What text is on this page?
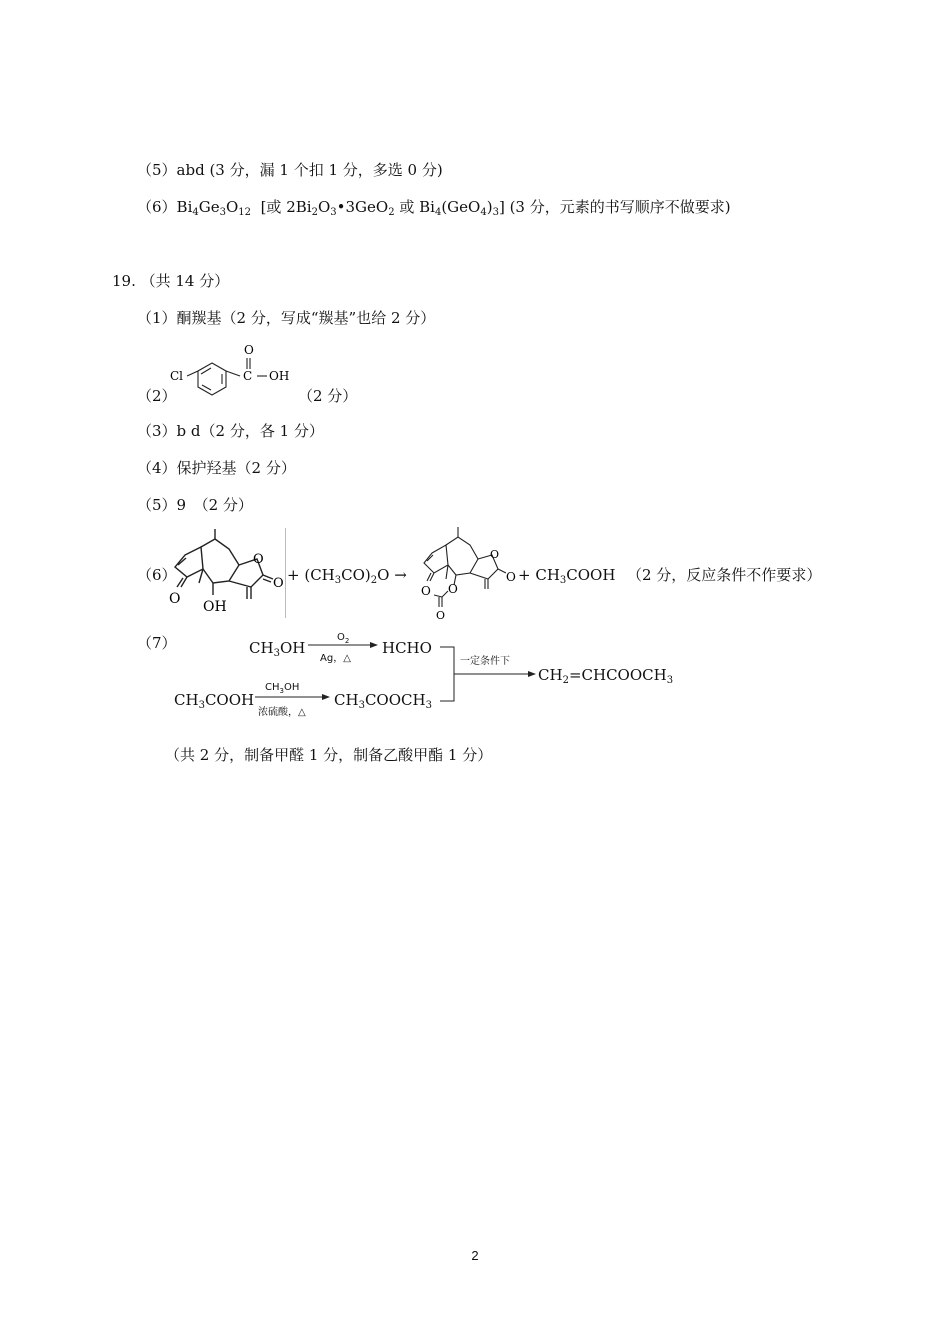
（5）abd (3 分，漏 1 个扣 1 分，多选 0 分)
$(6)Bi_4Ge_3O_{12}$ [或 $2Bi_2O_3•3GeO_2$ 或 $Bi_4(GeO_4)_3$] (3 分，元素的书写顺序不做要求)
19. （共 14 分）
（1）酮羰基（2 分，写成“羰基”也给 2 分）
（2）
Cl
O
C OH
（2 分）
（3）b d（2 分，各 1 分）
（4）保护羟基（2 分）
（5）9　（2 分）
（6）
O
O
O
OH
+ $(CH_3CO)_2O$ →
O
O
O
O
O
+ $CH_3COOH$ （2 分，反应条件不作要求）
（7）	$CH_3OH$
$O_2$
Ag，△
HCHO
$CH_3COOH$
$CH_3OH$
浓硫酸，△
$CH_3COOCH_3$
一定条件下
$CH_2=CHCOOCH_3$
（共 2 分，制备甲醛 1 分，制备乙酸甲酯 1 分）
2
